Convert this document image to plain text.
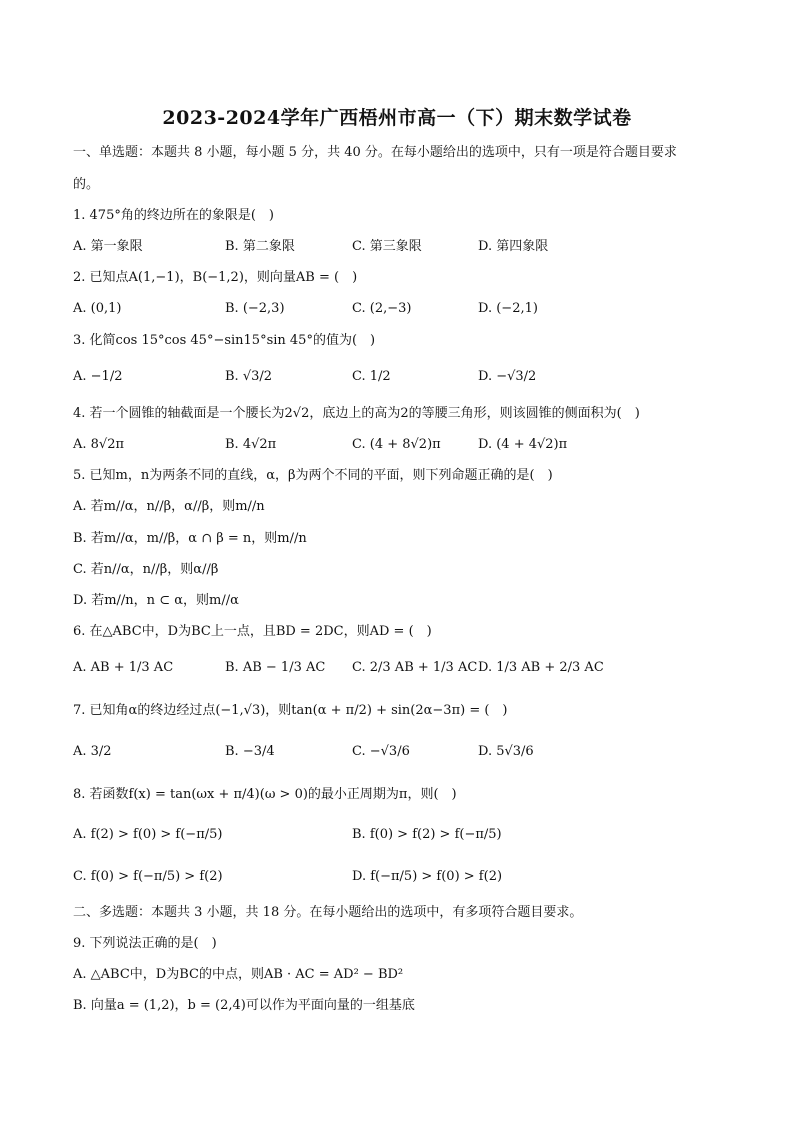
2023-2024学年广西梧州市高一（下）期末数学试卷
一、单选题：本题共 8 小题，每小题 5 分，共 40 分。在每小题给出的选项中，只有一项是符合题目要求
的。
1. 475°角的终边所在的象限是(　)
A. 第一象限	B. 第二象限	C. 第三象限	D. 第四象限
2. 已知点A(1,−1)，B(−1,2)，则向量AB = (　)
A. (0,1)	B. (−2,3)	C. (2,−3)	D. (−2,1)
3. 化简cos 15°cos 45°−sin15°sin 45°的值为(　)
A. −1/2	B. √3/2	C. 1/2	D. −√3/2
4. 若一个圆锥的轴截面是一个腰长为2√2，底边上的高为2的等腰三角形，则该圆锥的侧面积为(　)
A. 8√2π	B. 4√2π	C. (4 + 8√2)π	D. (4 + 4√2)π
5. 已知m，n为两条不同的直线，α，β为两个不同的平面，则下列命题正确的是(　)
A. 若m//α，n//β，α//β，则m//n
B. 若m//α，m//β，α ∩ β = n，则m//n
C. 若n//α，n//β，则α//β
D. 若m//n，n ⊂ α，则m//α
6. 在△ABC中，D为BC上一点，且BD = 2DC，则AD = (　)
A. AB + 1/3 AC	B. AB − 1/3 AC C. 2/3 AB + 1/3 AC D. 1/3 AB + 2/3 AC
7. 已知角α的终边经过点(−1,√3)，则tan(α + π/2) + sin(2α−3π) = (　)
A. 3/2	B. −3/4	C. −√3/6	D. 5√3/6
8. 若函数f(x) = tan(ωx + π/4)(ω > 0)的最小正周期为π，则(　)
A. f(2) > f(0) > f(−π/5)	B. f(0) > f(2) > f(−π/5)
C. f(0) > f(−π/5) > f(2)	D. f(−π/5) > f(0) > f(2)
二、多选题：本题共 3 小题，共 18 分。在每小题给出的选项中，有多项符合题目要求。
9. 下列说法正确的是(　)
A. △ABC中，D为BC的中点，则AB · AC = AD² − BD²
B. 向量a = (1,2)，b = (2,4)可以作为平面向量的一组基底
